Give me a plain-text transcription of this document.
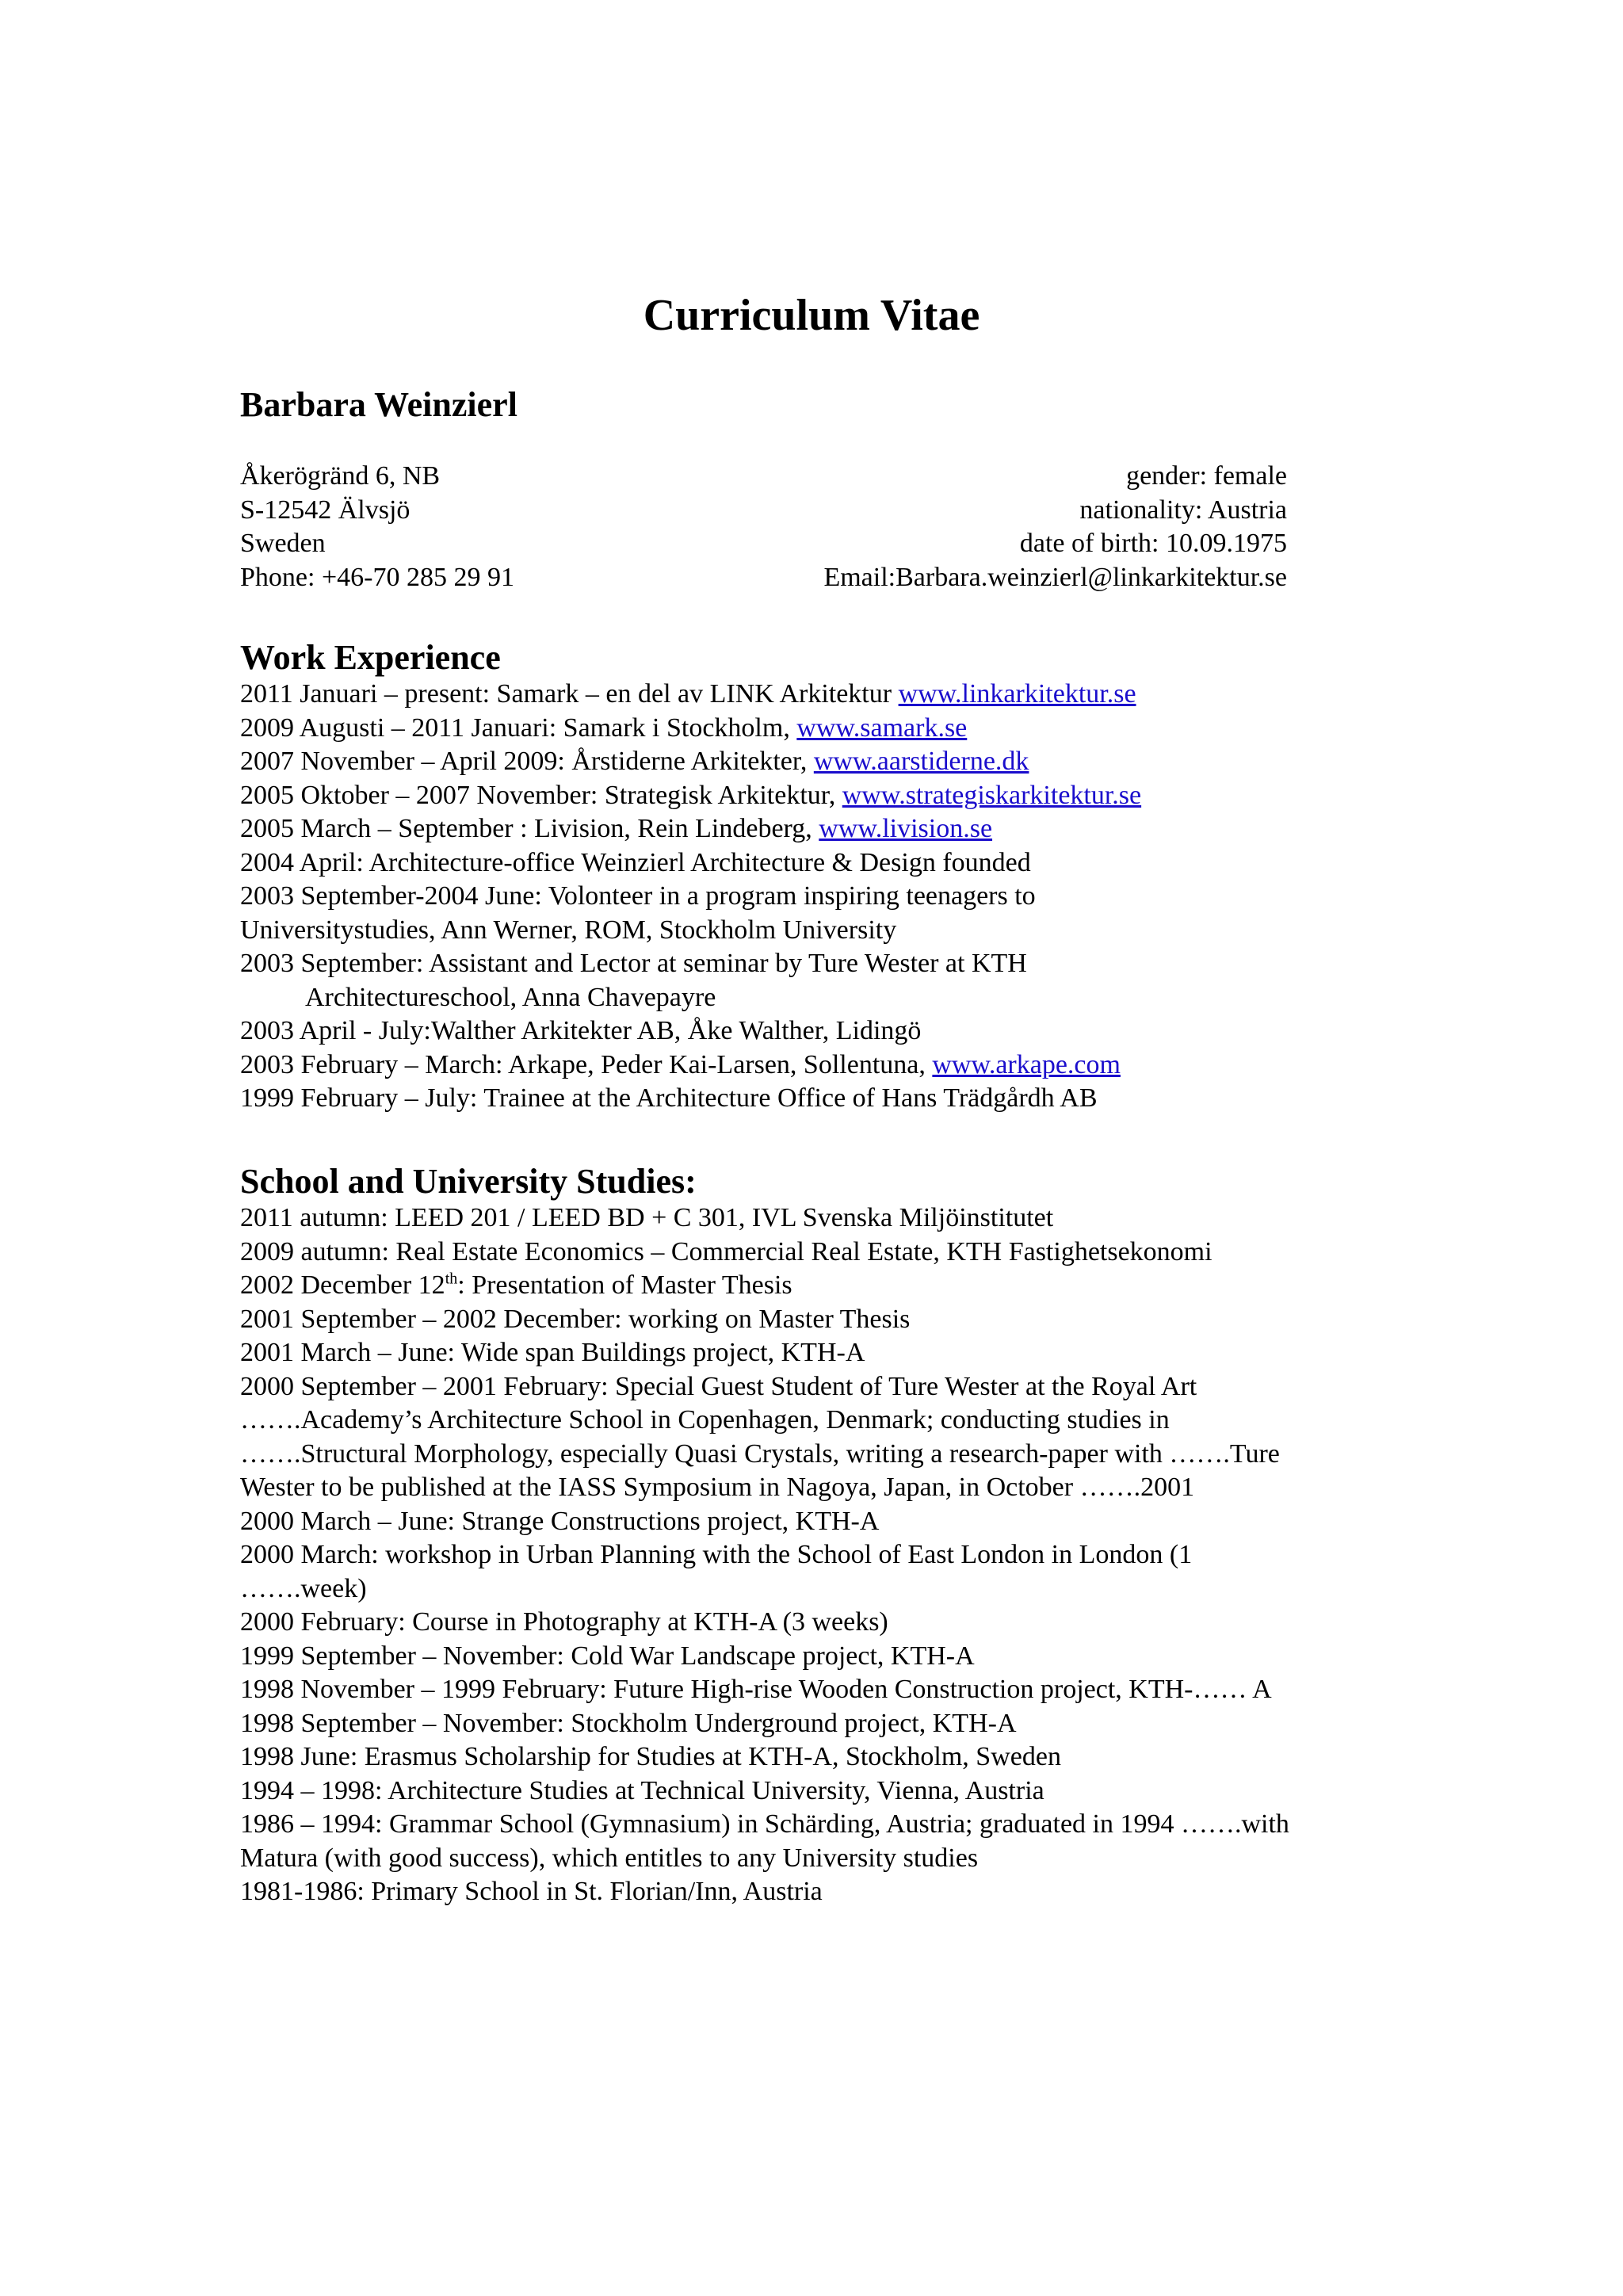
Curriculum Vitae
Barbara Weinzierl
Åkerögränd 6, NB	gender: female
S-12542 Älvsjö	nationality: Austria
Sweden	date of birth: 10.09.1975
Phone: +46-70 285 29 91	Email:Barbara.weinzierl@linkarkitektur.se
Work Experience
2011 Januari – present: Samark – en del av LINK Arkitektur www.linkarkitektur.se
2009 Augusti – 2011 Januari: Samark i Stockholm, www.samark.se
2007 November – April 2009: Årstiderne Arkitekter, www.aarstiderne.dk
2005 Oktober – 2007 November: Strategisk Arkitektur, www.strategiskarkitektur.se
2005 March – September : Livision, Rein Lindeberg, www.livision.se
2004 April: Architecture-office Weinzierl Architecture & Design founded
2003 September-2004 June: Volonteer in a program inspiring teenagers to
Universitystudies, Ann Werner, ROM, Stockholm University
2003 September: Assistant and Lector at seminar by Ture Wester at KTH
Architectureschool, Anna Chavepayre
2003 April - July:Walther Arkitekter AB, Åke Walther, Lidingö
2003 February – March: Arkape, Peder Kai-Larsen, Sollentuna, www.arkape.com
1999 February – July: Trainee at the Architecture Office of Hans Trädgårdh AB
School and University Studies:
2011 autumn: LEED 201 / LEED BD + C 301, IVL Svenska Miljöinstitutet
2009 autumn: Real Estate Economics – Commercial Real Estate, KTH Fastighetsekonomi
2002 December 12th: Presentation of Master Thesis
2001 September – 2002 December: working on Master Thesis
2001 March – June: Wide span Buildings project, KTH-A
2000 September – 2001 February: Special Guest Student of Ture Wester at the Royal Art
…….Academy’s Architecture School in Copenhagen, Denmark; conducting studies in
…….Structural Morphology, especially Quasi Crystals, writing a research-paper with …….Ture
Wester to be published at the IASS Symposium in Nagoya, Japan, in October …….2001
2000 March – June: Strange Constructions project, KTH-A
2000 March: workshop in Urban Planning with the School of East London in London (1
…….week)
2000 February: Course in Photography at KTH-A (3 weeks)
1999 September – November: Cold War Landscape project, KTH-A
1998 November – 1999 February: Future High-rise Wooden Construction project, KTH-…… A
1998 September – November: Stockholm Underground project, KTH-A
1998 June: Erasmus Scholarship for Studies at KTH-A, Stockholm, Sweden
1994 – 1998: Architecture Studies at Technical University, Vienna, Austria
1986 – 1994: Grammar School (Gymnasium) in Schärding, Austria; graduated in 1994 …….with
Matura (with good success), which entitles to any University studies
1981-1986: Primary School in St. Florian/Inn, Austria
